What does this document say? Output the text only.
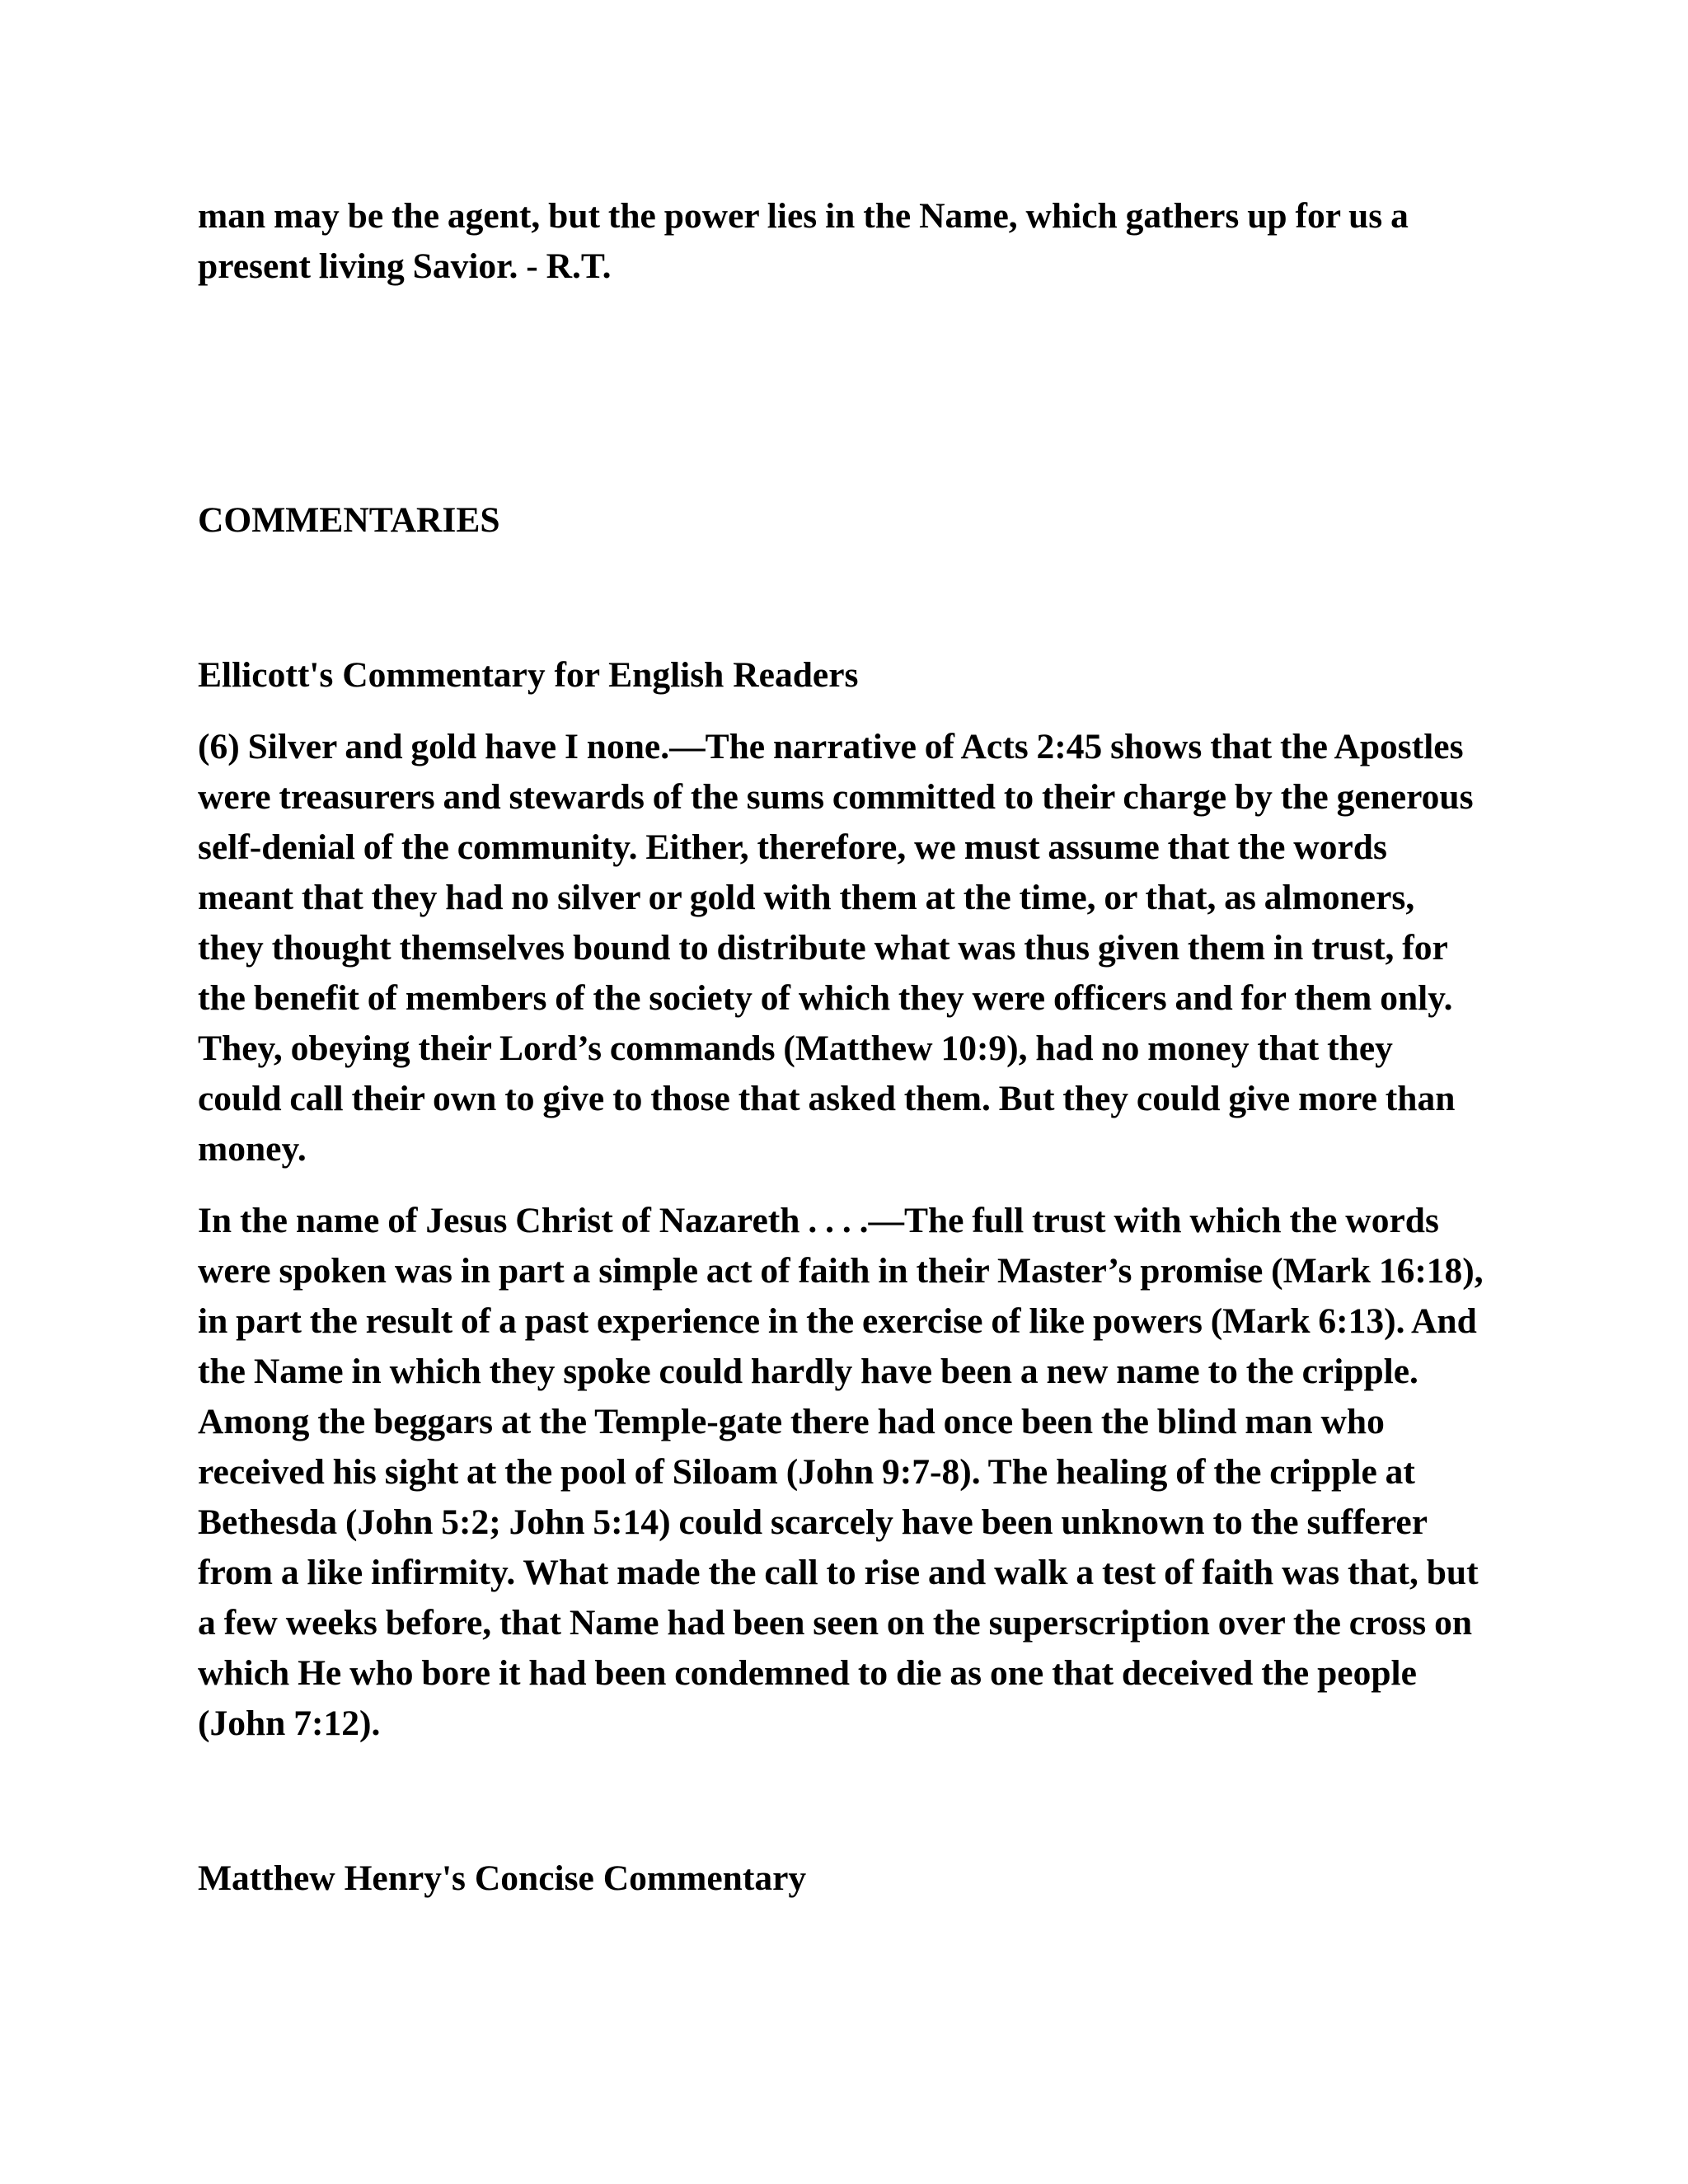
man may be the agent, but the power lies in the Name, which gathers up for us a present living Savior. - R.T.

COMMENTARIES

Ellicott's Commentary for English Readers

(6) Silver and gold have I none.—The narrative of Acts 2:45 shows that the Apostles were treasurers and stewards of the sums committed to their charge by the generous self-denial of the community. Either, therefore, we must assume that the words meant that they had no silver or gold with them at the time, or that, as almoners, they thought themselves bound to distribute what was thus given them in trust, for the benefit of members of the society of which they were officers and for them only. They, obeying their Lord’s commands (Matthew 10:9), had no money that they could call their own to give to those that asked them. But they could give more than money.

In the name of Jesus Christ of Nazareth . . . .—The full trust with which the words were spoken was in part a simple act of faith in their Master’s promise (Mark 16:18), in part the result of a past experience in the exercise of like powers (Mark 6:13). And the Name in which they spoke could hardly have been a new name to the cripple. Among the beggars at the Temple-gate there had once been the blind man who received his sight at the pool of Siloam (John 9:7-8). The healing of the cripple at Bethesda (John 5:2; John 5:14) could scarcely have been unknown to the sufferer from a like infirmity. What made the call to rise and walk a test of faith was that, but a few weeks before, that Name had been seen on the superscription over the cross on which He who bore it had been condemned to die as one that deceived the people (John 7:12).

Matthew Henry's Concise Commentary
